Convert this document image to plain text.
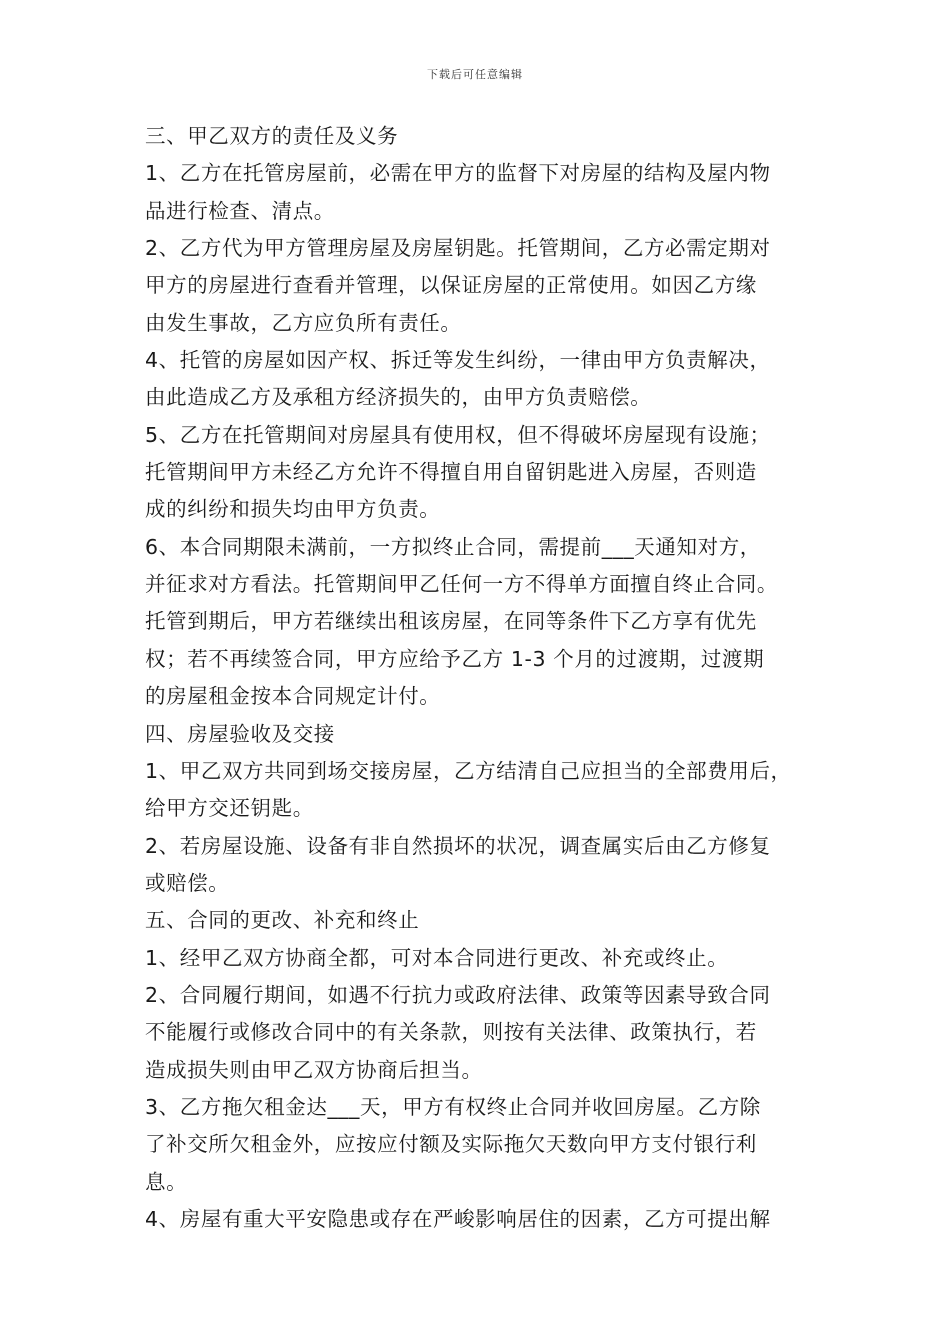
下载后可任意编辑
三、甲乙双方的责任及义务
1、乙方在托管房屋前，必需在甲方的监督下对房屋的结构及屋内物
品进行检查、清点。
2、乙方代为甲方管理房屋及房屋钥匙。托管期间，乙方必需定期对
甲方的房屋进行查看并管理，以保证房屋的正常使用。如因乙方缘
由发生事故，乙方应负所有责任。
4、托管的房屋如因产权、拆迁等发生纠纷，一律由甲方负责解决，
由此造成乙方及承租方经济损失的，由甲方负责赔偿。
5、乙方在托管期间对房屋具有使用权，但不得破坏房屋现有设施；
托管期间甲方未经乙方允许不得擅自用自留钥匙进入房屋，否则造
成的纠纷和损失均由甲方负责。
6、本合同期限未满前，一方拟终止合同，需提前___天通知对方，
并征求对方看法。托管期间甲乙任何一方不得单方面擅自终止合同。
托管到期后，甲方若继续出租该房屋，在同等条件下乙方享有优先
权；若不再续签合同，甲方应给予乙方 1-3 个月的过渡期，过渡期
的房屋租金按本合同规定计付。
四、房屋验收及交接
1、甲乙双方共同到场交接房屋，乙方结清自己应担当的全部费用后，
给甲方交还钥匙。
2、若房屋设施、设备有非自然损坏的状况，调查属实后由乙方修复
或赔偿。
五、合同的更改、补充和终止
1、经甲乙双方协商全都，可对本合同进行更改、补充或终止。
2、合同履行期间，如遇不行抗力或政府法律、政策等因素导致合同
不能履行或修改合同中的有关条款，则按有关法律、政策执行，若
造成损失则由甲乙双方协商后担当。
3、乙方拖欠租金达___天，甲方有权终止合同并收回房屋。乙方除
了补交所欠租金外，应按应付额及实际拖欠天数向甲方支付银行利
息。
4、房屋有重大平安隐患或存在严峻影响居住的因素，乙方可提出解
